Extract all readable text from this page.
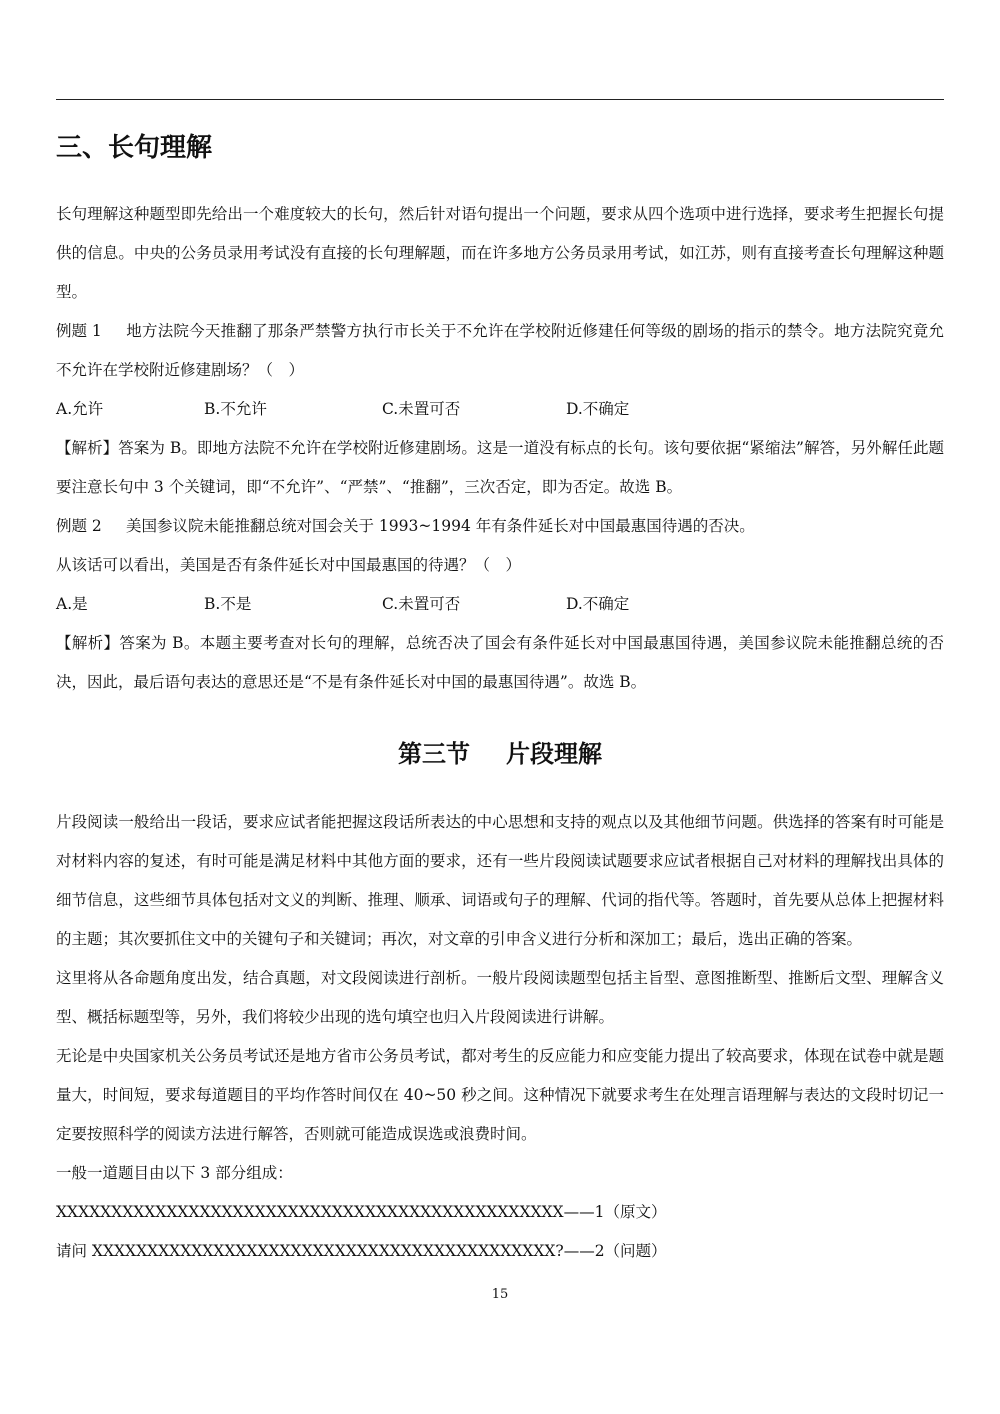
三、长句理解

长句理解这种题型即先给出一个难度较大的长句，然后针对语句提出一个问题，要求从四个选项中进行选择，要求考生把握长句提供的信息。中央的公务员录用考试没有直接的长句理解题，而在许多地方公务员录用考试，如江苏，则有直接考查长句理解这种题型。

例题 1 地方法院今天推翻了那条严禁警方执行市长关于不允许在学校附近修建任何等级的剧场的指示的禁令。地方法院究竟允不允许在学校附近修建剧场？（　）

A.允许	B.不允许	C.未置可否	D.不确定

【解析】答案为 B。即地方法院不允许在学校附近修建剧场。这是一道没有标点的长句。该句要依据“紧缩法”解答，另外解任此题要注意长句中 3 个关键词，即“不允许”、“严禁”、“推翻”，三次否定，即为否定。故选 B。

例题 2 美国参议院未能推翻总统对国会关于 1993~1994 年有条件延长对中国最惠国待遇的否决。

从该话可以看出，美国是否有条件延长对中国最惠国的待遇？（　）

A.是	B.不是	C.未置可否	D.不确定

【解析】答案为 B。本题主要考查对长句的理解，总统否决了国会有条件延长对中国最惠国待遇，美国参议院未能推翻总统的否决，因此，最后语句表达的意思还是“不是有条件延长对中国的最惠国待遇”。故选 B。

第三节 片段理解

片段阅读一般给出一段话，要求应试者能把握这段话所表达的中心思想和支持的观点以及其他细节问题。供选择的答案有时可能是对材料内容的复述，有时可能是满足材料中其他方面的要求，还有一些片段阅读试题要求应试者根据自己对材料的理解找出具体的细节信息，这些细节具体包括对文义的判断、推理、顺承、词语或句子的理解、代词的指代等。答题时，首先要从总体上把握材料的主题；其次要抓住文中的关键句子和关键词；再次，对文章的引申含义进行分析和深加工；最后，选出正确的答案。

这里将从各命题角度出发，结合真题，对文段阅读进行剖析。一般片段阅读题型包括主旨型、意图推断型、推断后文型、理解含义型、概括标题型等，另外，我们将较少出现的选句填空也归入片段阅读进行讲解。

无论是中央国家机关公务员考试还是地方省市公务员考试，都对考生的反应能力和应变能力提出了较高要求，体现在试卷中就是题量大，时间短，要求每道题目的平均作答时间仅在 40~50 秒之间。这种情况下就要求考生在处理言语理解与表达的文段时切记一定要按照科学的阅读方法进行解答，否则就可能造成误选或浪费时间。

一般一道题目由以下 3 部分组成：

XXXXXXXXXXXXXXXXXXXXXXXXXXXXXXXXXXXXXXXXXXXXXX——1（原文）

请问 XXXXXXXXXXXXXXXXXXXXXXXXXXXXXXXXXXXXXXXXXX?——2（问题）

15
